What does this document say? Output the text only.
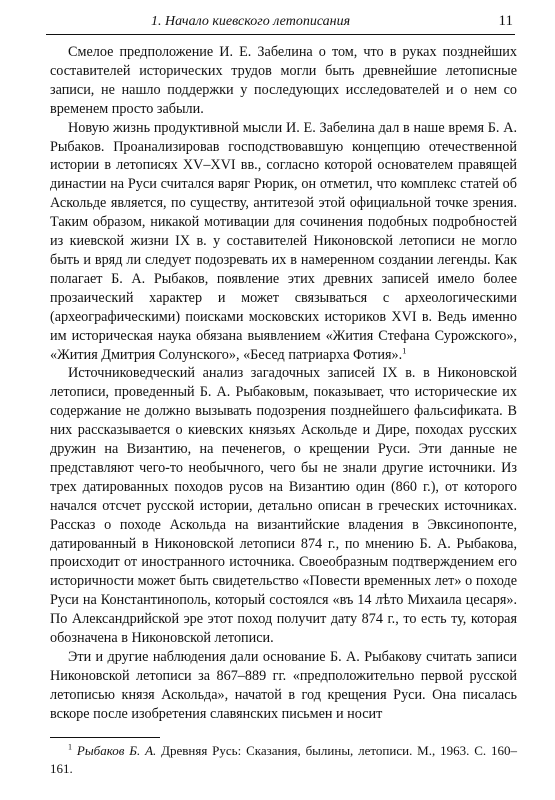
1. Начало киевского летописания	11

Смелое предположение И. Е. Забелина о том, что в руках позднейших составителей исторических трудов могли быть древнейшие летописные записи, не нашло поддержки у последующих исследователей и о нем со временем просто забыли.

Новую жизнь продуктивной мысли И. Е. Забелина дал в наше время Б. А. Рыбаков. Проанализировав господствовавшую концепцию отечественной истории в летописях XV–XVI вв., согласно которой основателем правящей династии на Руси считался варяг Рюрик, он отметил, что комплекс статей об Аскольде является, по существу, антитезой этой официальной точке зрения. Таким образом, никакой мотивации для сочинения подобных подробностей из киевской жизни IX в. у составителей Никоновской летописи не могло быть и вряд ли следует подозревать их в намеренном создании легенды. Как полагает Б. А. Рыбаков, появление этих древних записей имело более прозаический характер и может связываться с археологическими (археографическими) поисками московских историков XVI в. Ведь именно им историческая наука обязана выявлением «Жития Стефана Сурожского», «Жития Дмитрия Солунского», «Бесед патриарха Фотия».$^1$

Источниковедческий анализ загадочных записей IX в. в Никоновской летописи, проведенный Б. А. Рыбаковым, показывает, что исторические их содержание не должно вызывать подозрения позднейшего фальсификата. В них рассказывается о киевских князьях Аскольде и Дире, походах русских дружин на Византию, на печенегов, о крещении Руси. Эти данные не представляют чего-то необычного, чего бы не знали другие источники. Из трех датированных походов русов на Византию один (860 г.), от которого начался отсчет русской истории, детально описан в греческих источниках. Рассказ о походе Аскольда на византийские владения в Эвксинопонте, датированный в Никоновской летописи 874 г., по мнению Б. А. Рыбакова, происходит от иностранного источника. Своеобразным подтверждением его историчности может быть свидетельство «Повести временных лет» о походе Руси на Константинополь, который состоялся «въ 14 лѣто Михаила цесаря». По Александрийской эре этот поход получит дату 874 г., то есть ту, которая обозначена в Никоновской летописи.

Эти и другие наблюдения дали основание Б. А. Рыбакову считать записи Никоновской летописи за 867–889 гг. «предположительно первой русской летописью князя Аскольда», начатой в год крещения Руси. Она писалась вскоре после изобретения славянских письмен и носит

$^1$ Рыбаков Б. А. Древняя Русь: Сказания, былины, летописи. М., 1963. С. 160–161.
